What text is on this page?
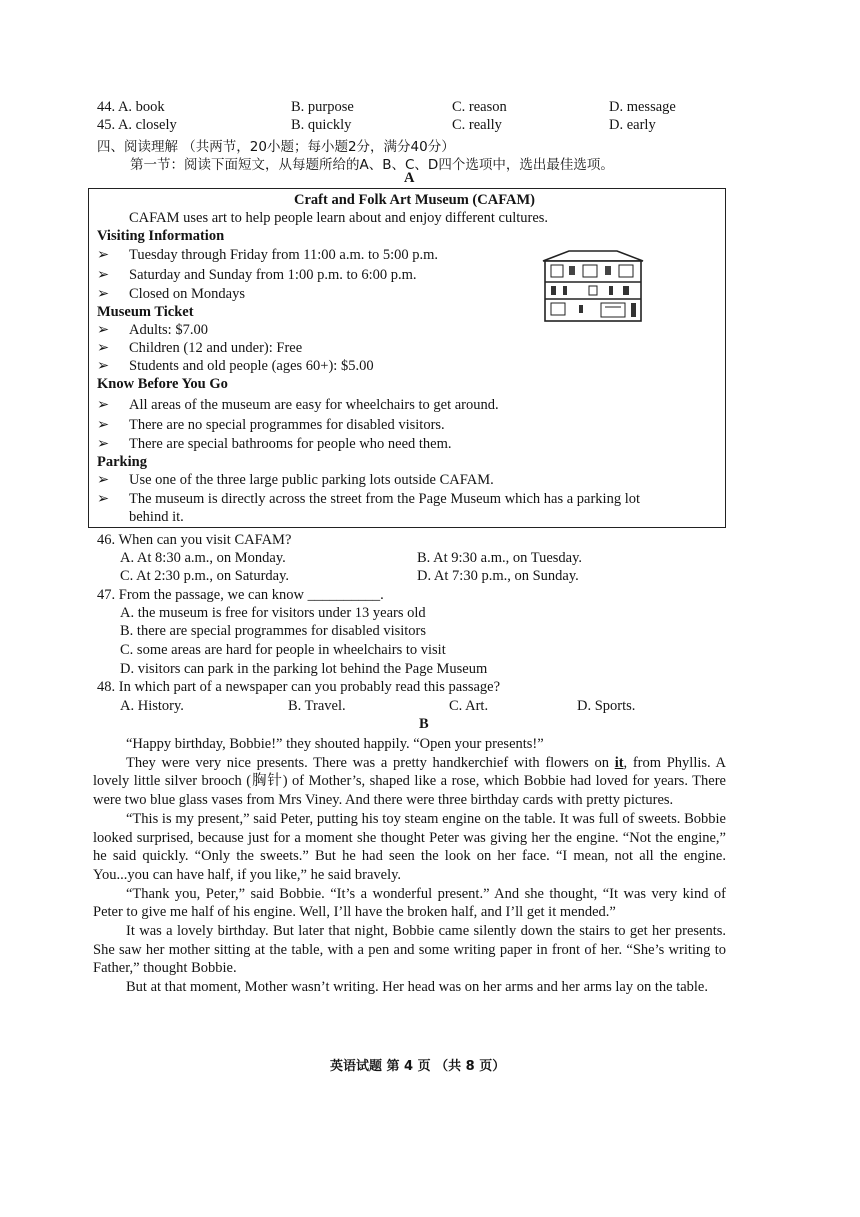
44. A. book	B. purpose	C. reason	D. message
45. A. closely	B. quickly	C. really	D. early
四、阅读理解 （共两节，20小题；每小题2分，满分40分）
第一节：阅读下面短文，从每题所给的A、B、C、D四个选项中，选出最佳选项。
A
Craft and Folk Art Museum (CAFAM)
CAFAM uses art to help people learn about and enjoy different cultures.
Visiting Information
➢ Tuesday through Friday from 11:00 a.m. to 5:00 p.m.
➢ Saturday and Sunday from 1:00 p.m. to 6:00 p.m.
➢ Closed on Mondays
Museum Ticket
➢ Adults: $7.00
➢ Children (12 and under): Free
➢ Students and old people (ages 60+): $5.00
Know Before You Go
➢ All areas of the museum are easy for wheelchairs to get around.
➢ There are no special programmes for disabled visitors.
➢ There are special bathrooms for people who need them.
Parking
➢ Use one of the three large public parking lots outside CAFAM.
➢ The museum is directly across the street from the Page Museum which has a parking lot
behind it.
46. When can you visit CAFAM?
A. At 8:30 a.m., on Monday.	B. At 9:30 a.m., on Tuesday.
C. At 2:30 p.m., on Saturday.	D. At 7:30 p.m., on Sunday.
47. From the passage, we can know __________.
A. the museum is free for visitors under 13 years old
B. there are special programmes for disabled visitors
C. some areas are hard for people in wheelchairs to visit
D. visitors can park in the parking lot behind the Page Museum
48. In which part of a newspaper can you probably read this passage?
A. History.	B. Travel.	C. Art.	D. Sports.
B

“Happy birthday, Bobbie!” they shouted happily. “Open your presents!”

They were very nice presents. There was a pretty handkerchief with flowers on it, from Phyllis. A lovely little silver brooch (胸针) of Mother’s, shaped like a rose, which Bobbie had loved for years. There were two blue glass vases from Mrs Viney. And there were three birthday cards with pretty pictures.

“This is my present,” said Peter, putting his toy steam engine on the table. It was full of sweets. Bobbie looked surprised, because just for a moment she thought Peter was giving her the engine. “Not the engine,” he said quickly. “Only the sweets.” But he had seen the look on her face. “I mean, not all the engine. You...you can have half, if you like,” he said bravely.

“Thank you, Peter,” said Bobbie. “It’s a wonderful present.” And she thought, “It was very kind of Peter to give me half of his engine. Well, I’ll have the broken half, and I’ll get it mended.”

It was a lovely birthday. But later that night, Bobbie came silently down the stairs to get her presents. She saw her mother sitting at the table, with a pen and some writing paper in front of her. “She’s writing to Father,” thought Bobbie.

But at that moment, Mother wasn’t writing. Her head was on her arms and her arms lay on the table.

英语试题 第 4 页 （共 8 页）
